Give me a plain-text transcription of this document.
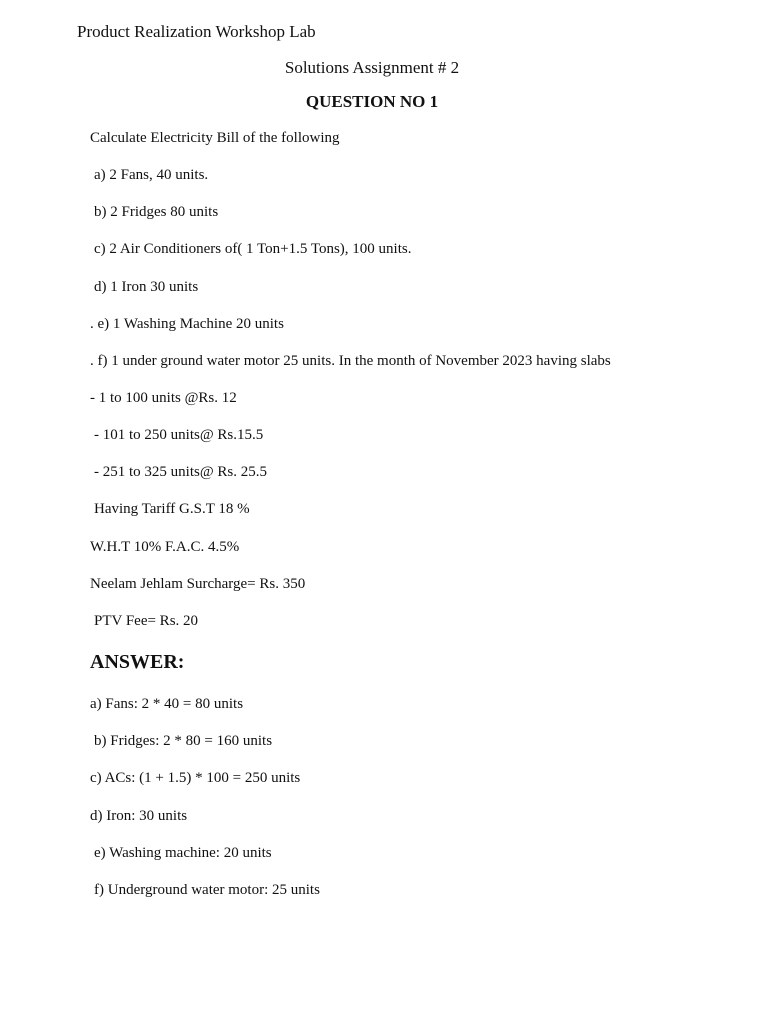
Product Realization Workshop Lab
Solutions Assignment # 2
QUESTION NO 1
Calculate Electricity Bill of the following
a) 2 Fans, 40 units.
b) 2 Fridges 80 units
c) 2 Air Conditioners of( 1 Ton+1.5 Tons), 100 units.
d) 1 Iron 30 units
. e) 1 Washing Machine 20 units
. f) 1 under ground water motor 25 units. In the month of November 2023 having slabs
- 1 to 100 units @Rs. 12
- 101 to 250 units@ Rs.15.5
- 251 to 325 units@ Rs. 25.5
Having Tariff G.S.T 18 %
W.H.T 10% F.A.C. 4.5%
Neelam Jehlam Surcharge= Rs. 350
PTV Fee= Rs. 20
ANSWER:
a) Fans: 2 * 40 = 80 units
b) Fridges: 2 * 80 = 160 units
c) ACs: (1 + 1.5) * 100 = 250 units
d) Iron: 30 units
e) Washing machine: 20 units
f) Underground water motor: 25 units
